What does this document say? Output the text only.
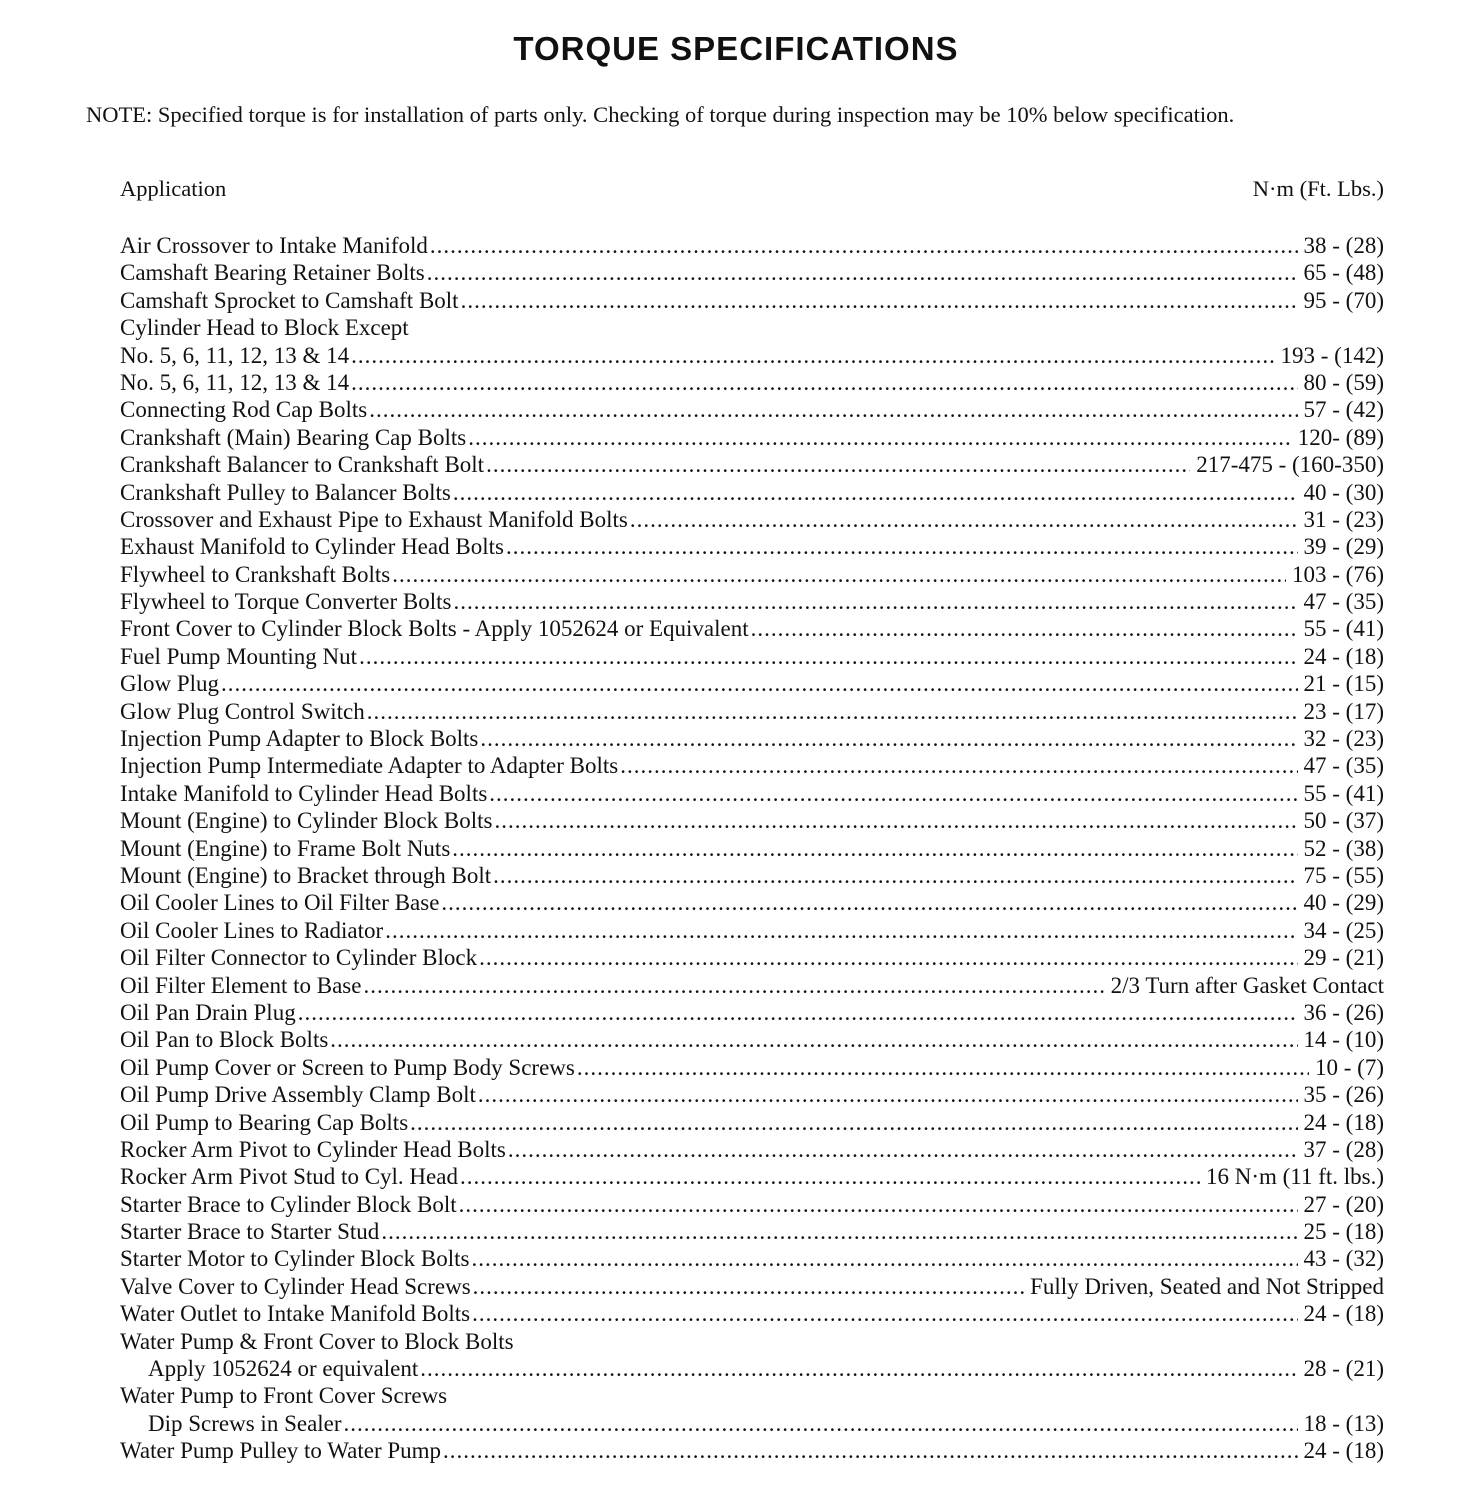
TORQUE SPECIFICATIONS
NOTE: Specified torque is for installation of parts only. Checking of torque during inspection may be 10% below specification.
Application	N·m (Ft. Lbs.)
Air Crossover to Intake Manifold .....	38 - (28)
Camshaft Bearing Retainer Bolts .....	65 - (48)
Camshaft Sprocket to Camshaft Bolt .....	95 - (70)
Cylinder Head to Block Except
No. 5, 6, 11, 12, 13 & 14 .....	193 - (142)
No. 5, 6, 11, 12, 13 & 14 .....	80 - (59)
Connecting Rod Cap Bolts .....	57 - (42)
Crankshaft (Main) Bearing Cap Bolts .....	120- (89)
Crankshaft Balancer to Crankshaft Bolt .....	217-475 - (160-350)
Crankshaft Pulley to Balancer Bolts .....	40 - (30)
Crossover and Exhaust Pipe to Exhaust Manifold Bolts .....	31 - (23)
Exhaust Manifold to Cylinder Head Bolts .....	39 - (29)
Flywheel to Crankshaft Bolts .....	103 - (76)
Flywheel to Torque Converter Bolts .....	47 - (35)
Front Cover to Cylinder Block Bolts - Apply 1052624 or Equivalent .....	55 - (41)
Fuel Pump Mounting Nut .....	24 - (18)
Glow Plug .....	21 - (15)
Glow Plug Control Switch .....	23 - (17)
Injection Pump Adapter to Block Bolts .....	32 - (23)
Injection Pump Intermediate Adapter to Adapter Bolts .....	47 - (35)
Intake Manifold to Cylinder Head Bolts .....	55 - (41)
Mount (Engine) to Cylinder Block Bolts .....	50 - (37)
Mount (Engine) to Frame Bolt Nuts .....	52 - (38)
Mount (Engine) to Bracket through Bolt .....	75 - (55)
Oil Cooler Lines to Oil Filter Base .....	40 - (29)
Oil Cooler Lines to Radiator .....	34 - (25)
Oil Filter Connector to Cylinder Block .....	29 - (21)
Oil Filter Element to Base .....	2/3 Turn after Gasket Contact
Oil Pan Drain Plug .....	36 - (26)
Oil Pan to Block Bolts .....	14 - (10)
Oil Pump Cover or Screen to Pump Body Screws .....	10 - (7)
Oil Pump Drive Assembly Clamp Bolt .....	35 - (26)
Oil Pump to Bearing Cap Bolts .....	24 - (18)
Rocker Arm Pivot to Cylinder Head Bolts .....	37 - (28)
Rocker Arm Pivot Stud to Cyl. Head .....	16 N·m (11 ft. lbs.)
Starter Brace to Cylinder Block Bolt .....	27 - (20)
Starter Brace to Starter Stud .....	25 - (18)
Starter Motor to Cylinder Block Bolts .....	43 - (32)
Valve Cover to Cylinder Head Screws .....	Fully Driven, Seated and Not Stripped
Water Outlet to Intake Manifold Bolts .....	24 - (18)
Water Pump & Front Cover to Block Bolts
Apply 1052624 or equivalent .....	28 - (21)
Water Pump to Front Cover Screws
Dip Screws in Sealer .....	18 - (13)
Water Pump Pulley to Water Pump .....	24 - (18)
